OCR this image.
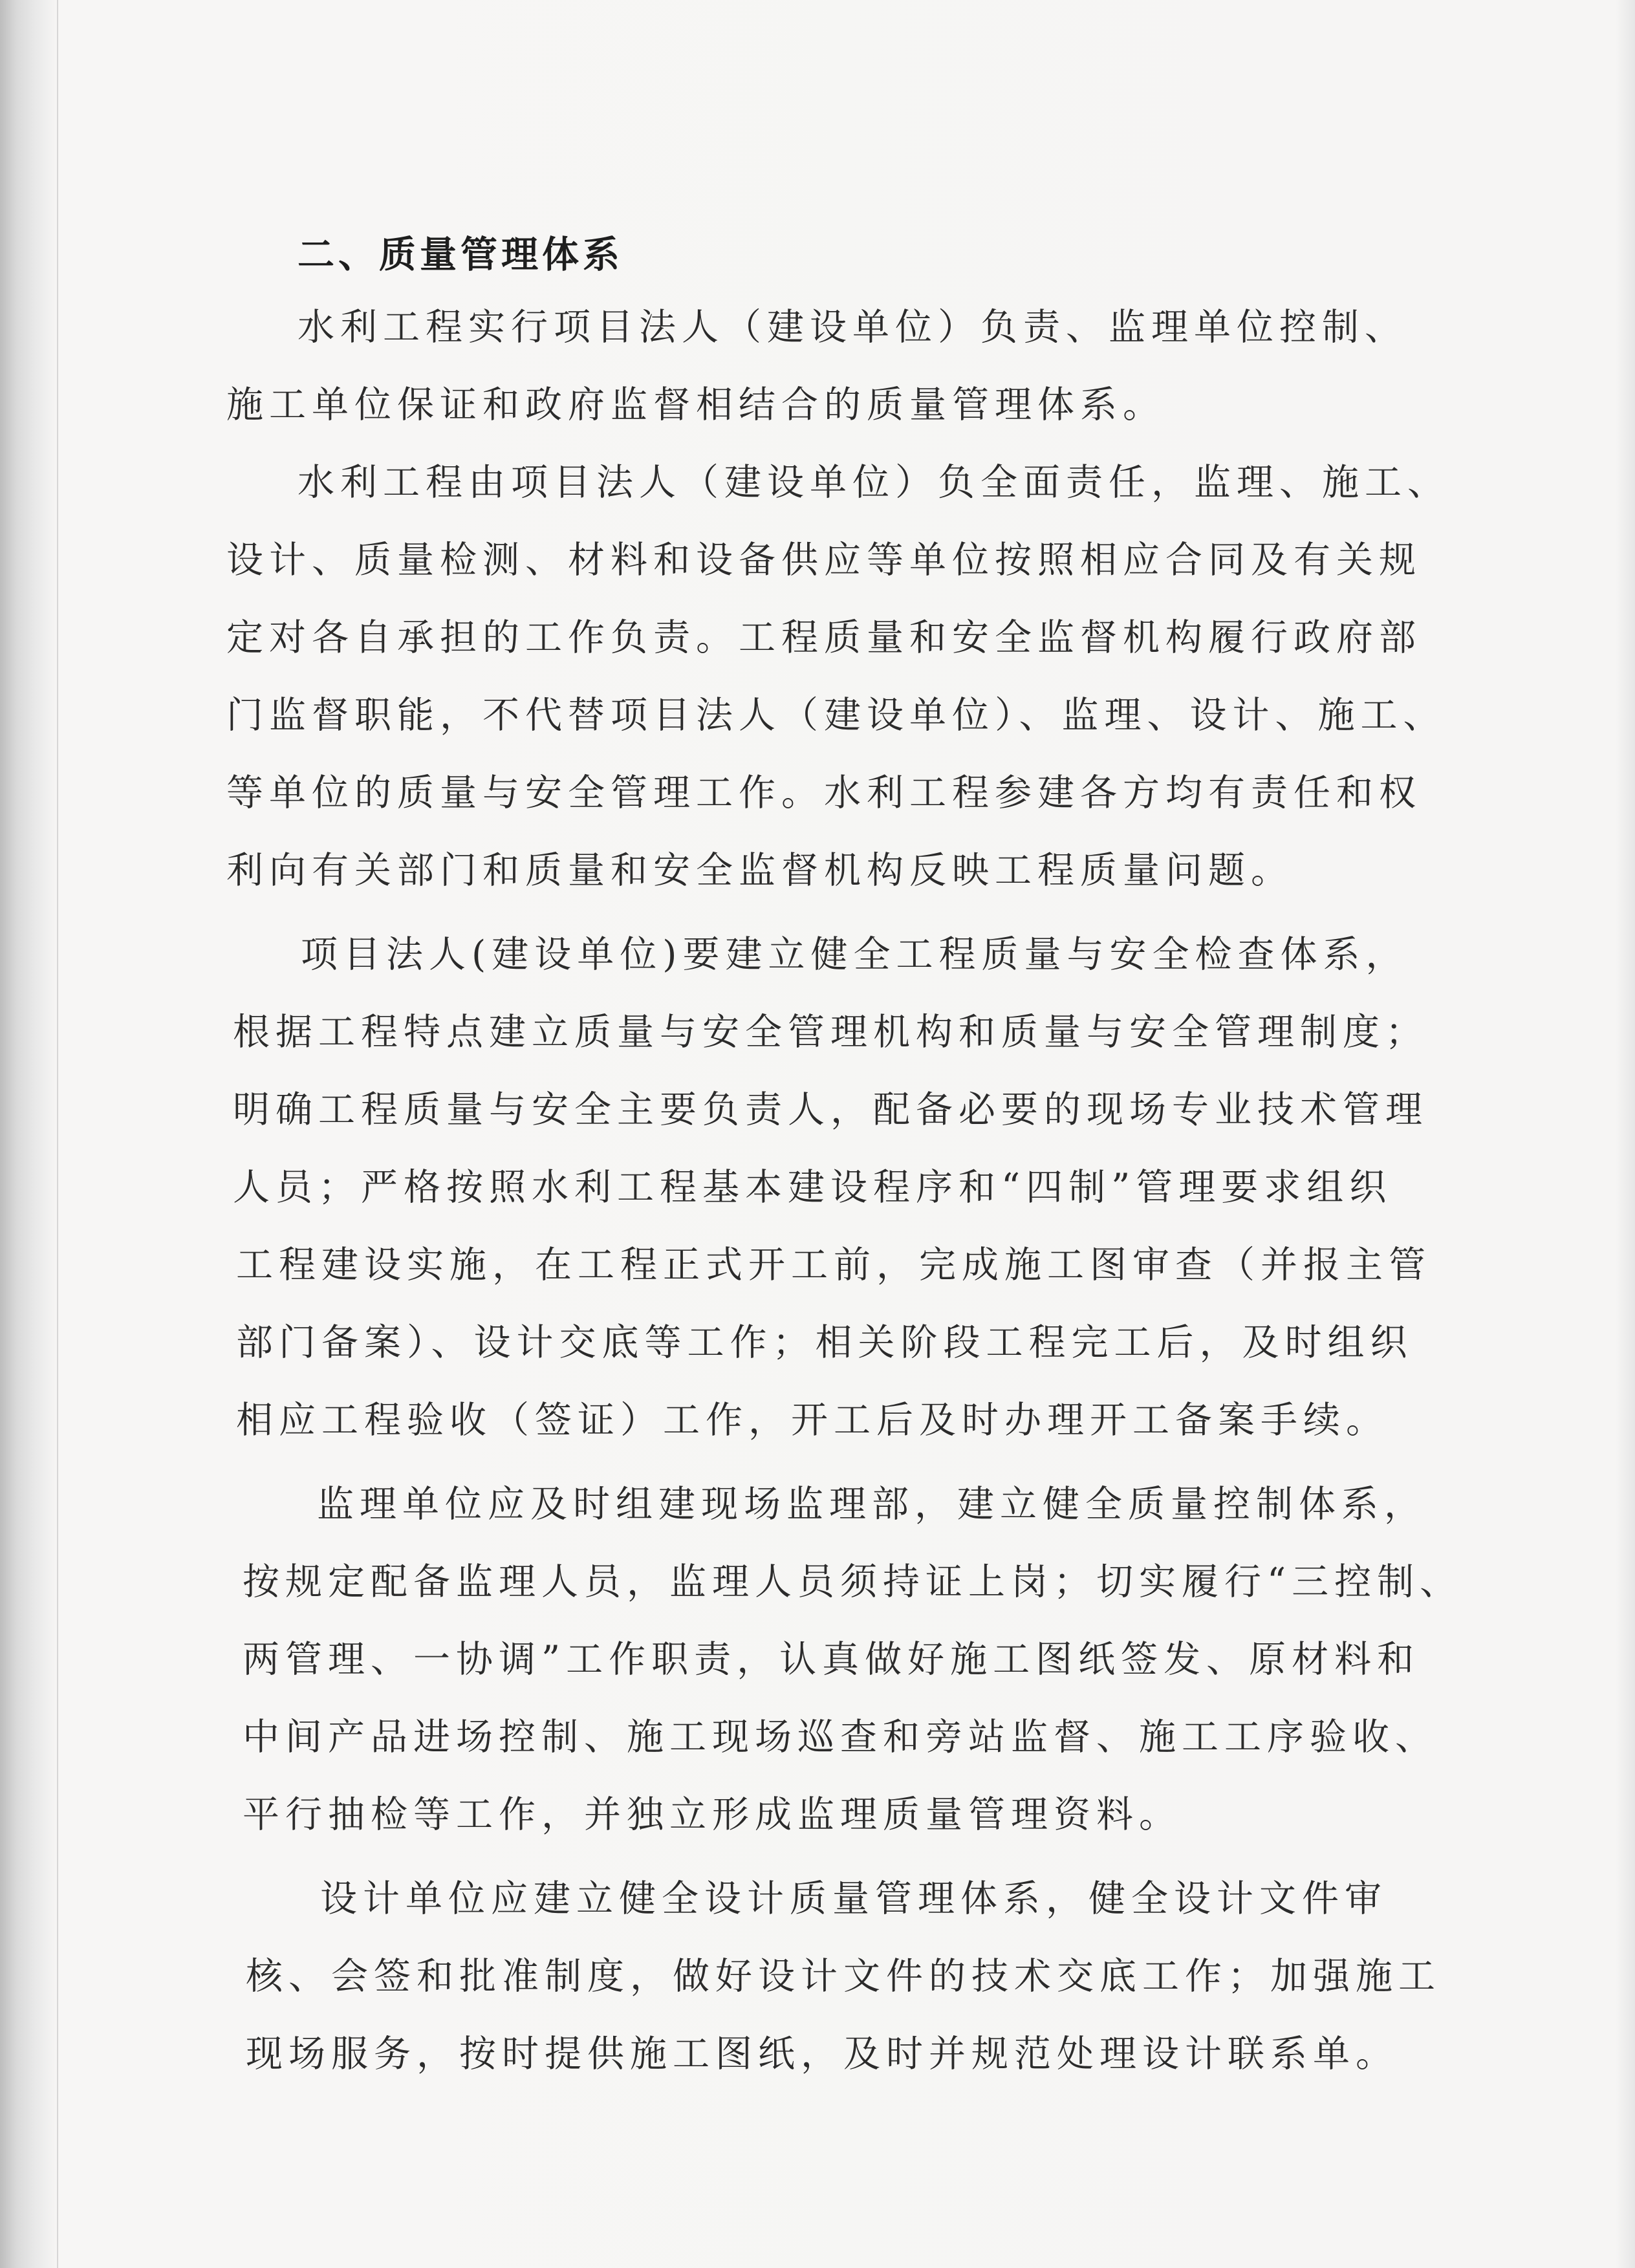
二、质量管理体系
水利工程实行项目法人（建设单位）负责、监理单位控制、
施工单位保证和政府监督相结合的质量管理体系。
水利工程由项目法人（建设单位）负全面责任，监理、施工、
设计、质量检测、材料和设备供应等单位按照相应合同及有关规
定对各自承担的工作负责。工程质量和安全监督机构履行政府部
门监督职能，不代替项目法人（建设单位）、监理、设计、施工、
等单位的质量与安全管理工作。水利工程参建各方均有责任和权
利向有关部门和质量和安全监督机构反映工程质量问题。
项目法人(建设单位)要建立健全工程质量与安全检查体系，
根据工程特点建立质量与安全管理机构和质量与安全管理制度；
明确工程质量与安全主要负责人，配备必要的现场专业技术管理
人员；严格按照水利工程基本建设程序和“四制”管理要求组织
工程建设实施，在工程正式开工前，完成施工图审查（并报主管
部门备案）、设计交底等工作；相关阶段工程完工后，及时组织
相应工程验收（签证）工作，开工后及时办理开工备案手续。
监理单位应及时组建现场监理部，建立健全质量控制体系，
按规定配备监理人员，监理人员须持证上岗；切实履行“三控制、
两管理、一协调”工作职责，认真做好施工图纸签发、原材料和
中间产品进场控制、施工现场巡查和旁站监督、施工工序验收、
平行抽检等工作，并独立形成监理质量管理资料。
设计单位应建立健全设计质量管理体系，健全设计文件审
核、会签和批准制度，做好设计文件的技术交底工作；加强施工
现场服务，按时提供施工图纸，及时并规范处理设计联系单。
